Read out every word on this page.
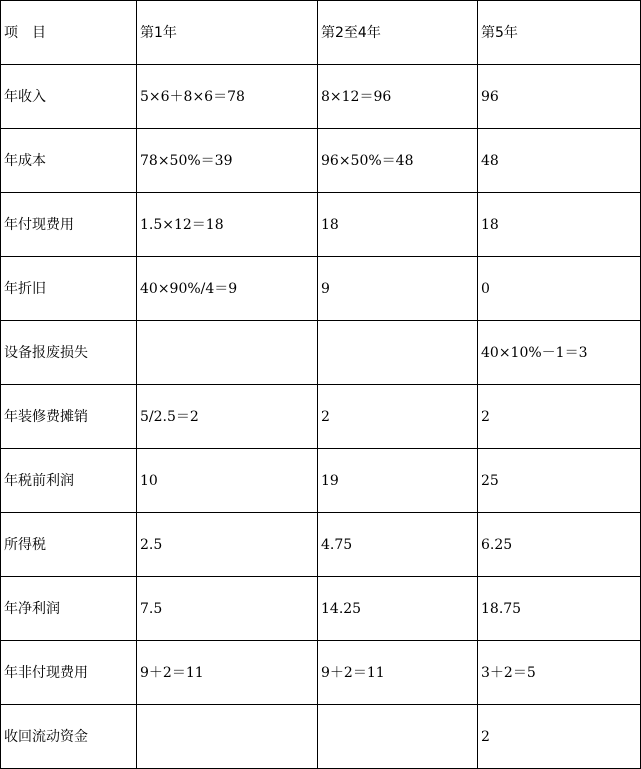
项　目	第1年	第2至4年	第5年
年收入	5×6＋8×6＝78	8×12＝96	96
年成本	78×50%＝39	96×50%＝48	48
年付现费用	1.5×12＝18	18	18
年折旧	40×90%/4＝9	9	0
设备报废损失			40×10%－1＝3
年装修费摊销	5/2.5＝2	2	2
年税前利润	10	19	25
所得税	2.5	4.75	6.25
年净利润	7.5	14.25	18.75
年非付现费用	9＋2＝11	9＋2＝11	3＋2＝5
收回流动资金			2
